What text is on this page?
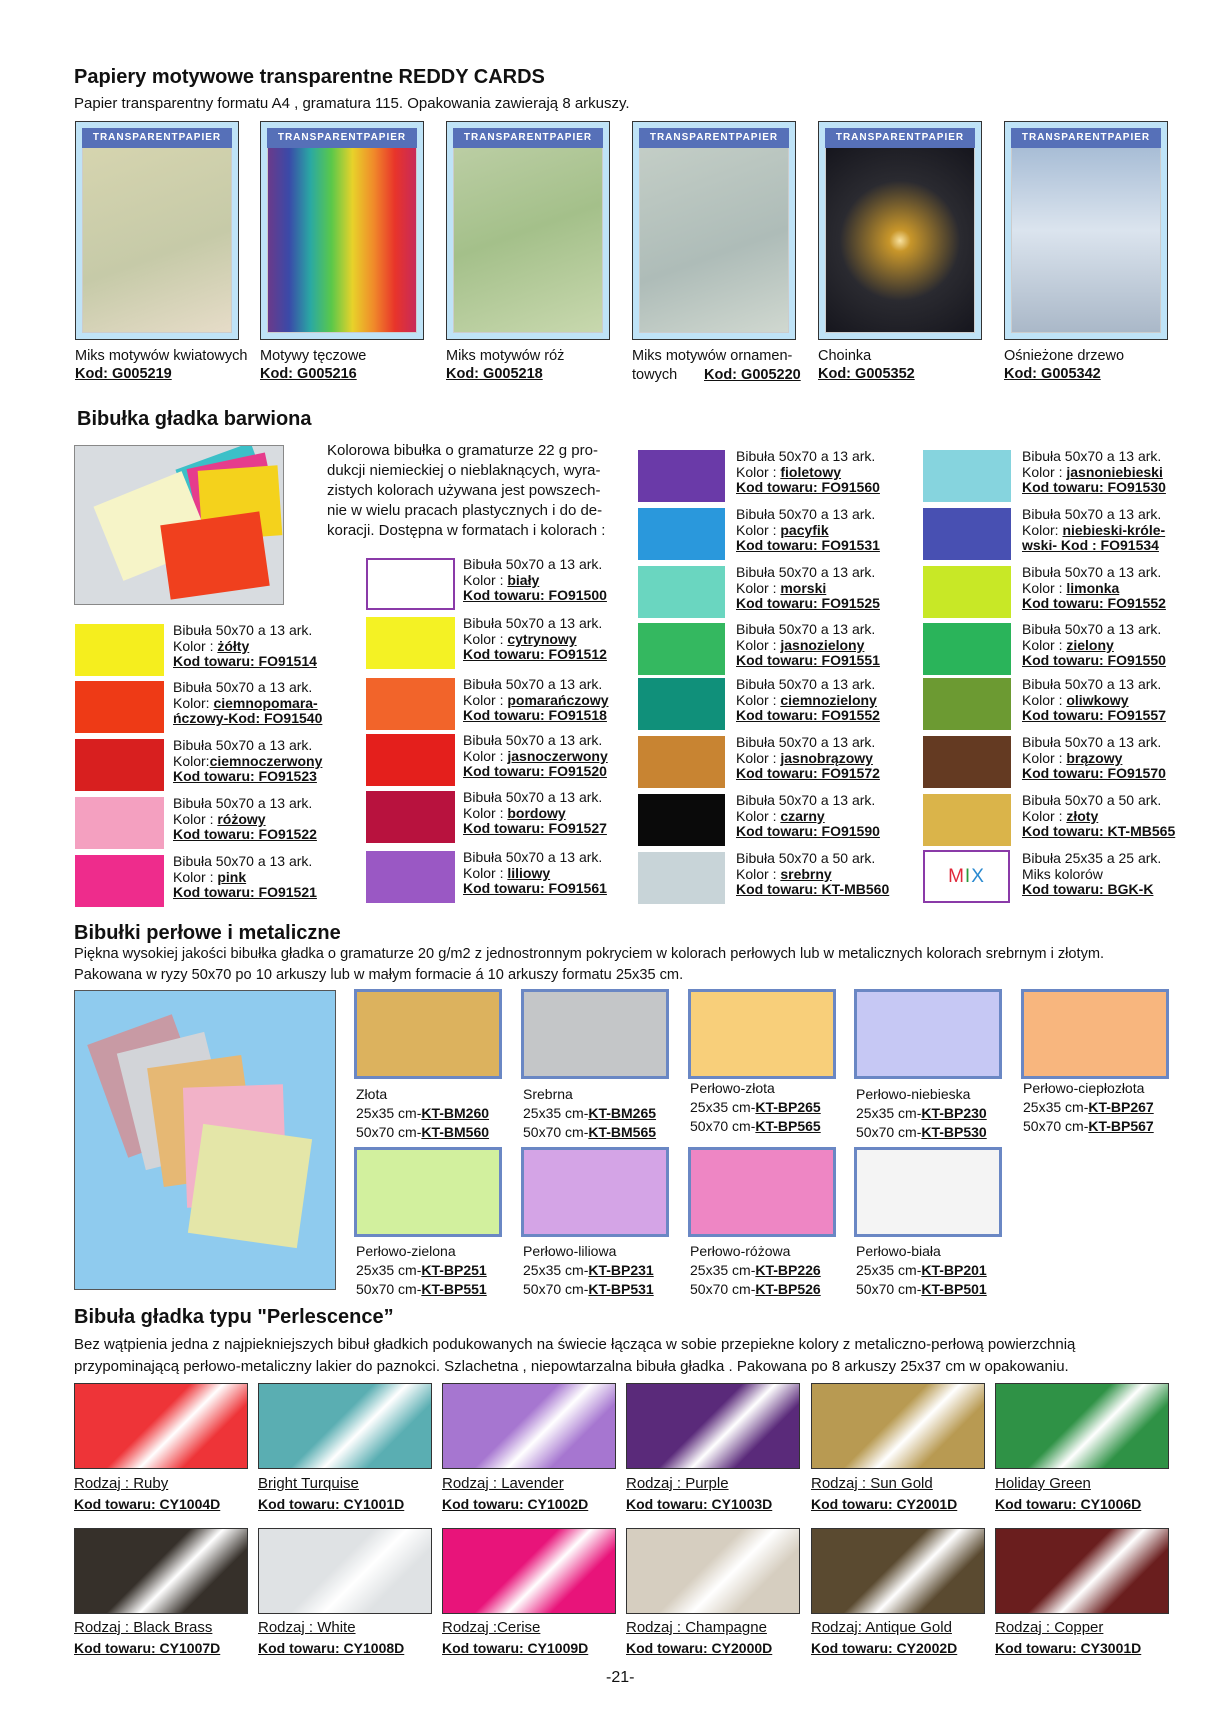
Papiery motywowe transparentne REDDY CARDS
Papier transparentny formatu A4 , gramatura 115. Opakowania zawierają 8 arkuszy.
TRANSPARENTPAPIER
Miks motywów kwiatowych
Kod: G005219
TRANSPARENTPAPIER
Motywy tęczowe
Kod: G005216
TRANSPARENTPAPIER
Miks motywów róż
Kod: G005218
TRANSPARENTPAPIER
Miks motywów ornamen-
towych Kod: G005220
TRANSPARENTPAPIER
Choinka
Kod: G005352
TRANSPARENTPAPIER
Ośnieżone drzewo
Kod: G005342
Bibułka gładka barwiona
Kolorowa bibułka o gramaturze 22 g pro-
dukcji niemieckiej o nieblaknących, wyra-
zistych kolorach używana jest powszech-
nie w wielu pracach plastycznych i do de-
koracji. Dostępna w formatach i kolorach :
Bibuła 50x70 a 13 ark.
Kolor : żółty
Kod towaru: FO91514
Bibuła 50x70 a 13 ark.
Kolor: ciemnopomara-
ńczowy-Kod: FO91540
Bibuła 50x70 a 13 ark.
Kolor:ciemnoczerwony
Kod towaru: FO91523
Bibuła 50x70 a 13 ark.
Kolor : różowy
Kod towaru: FO91522
Bibuła 50x70 a 13 ark.
Kolor : pink
Kod towaru: FO91521
Bibuła 50x70 a 13 ark.
Kolor : biały
Kod towaru: FO91500
Bibuła 50x70 a 13 ark.
Kolor : cytrynowy
Kod towaru: FO91512
Bibuła 50x70 a 13 ark.
Kolor : pomarańczowy
Kod towaru: FO91518
Bibuła 50x70 a 13 ark.
Kolor : jasnoczerwony
Kod towaru: FO91520
Bibuła 50x70 a 13 ark.
Kolor : bordowy
Kod towaru: FO91527
Bibuła 50x70 a 13 ark.
Kolor : liliowy
Kod towaru: FO91561
Bibuła 50x70 a 13 ark.
Kolor : fioletowy
Kod towaru: FO91560
Bibuła 50x70 a 13 ark.
Kolor : pacyfik
Kod towaru: FO91531
Bibuła 50x70 a 13 ark.
Kolor : morski
Kod towaru: FO91525
Bibuła 50x70 a 13 ark.
Kolor : jasnozielony
Kod towaru: FO91551
Bibuła 50x70 a 13 ark.
Kolor : ciemnozielony
Kod towaru: FO91552
Bibuła 50x70 a 13 ark.
Kolor : jasnobrązowy
Kod towaru: FO91572
Bibuła 50x70 a 13 ark.
Kolor : czarny
Kod towaru: FO91590
Bibuła 50x70 a 50 ark.
Kolor : srebrny
Kod towaru: KT-MB560
Bibuła 50x70 a 13 ark.
Kolor : jasnoniebieski
Kod towaru: FO91530
Bibuła 50x70 a 13 ark.
Kolor: niebieski-króle-
wski- Kod : FO91534
Bibuła 50x70 a 13 ark.
Kolor : limonka
Kod towaru: FO91552
Bibuła 50x70 a 13 ark.
Kolor : zielony
Kod towaru: FO91550
Bibuła 50x70 a 13 ark.
Kolor : oliwkowy
Kod towaru: FO91557
Bibuła 50x70 a 13 ark.
Kolor : brązowy
Kod towaru: FO91570
Bibuła 50x70 a 50 ark.
Kolor : złoty
Kod towaru: KT-MB565
Bibuła 25x35 a 25 ark.
Miks kolorów
Kod towaru: BGK-K
MIX
Bibułki perłowe i metaliczne
Piękna wysokiej jakości bibułka gładka o gramaturze 20 g/m2 z jednostronnym pokryciem w kolorach perłowych lub w metalicznych kolorach srebrnym i złotym.
Pakowana w ryzy 50x70 po 10 arkuszy lub w małym formacie á 10 arkuszy formatu 25x35 cm.
Złota
25x35 cm-KT-BM260
50x70 cm-KT-BM560
Srebrna
25x35 cm-KT-BM265
50x70 cm-KT-BM565
Perłowo-złota
25x35 cm-KT-BP265
50x70 cm-KT-BP565
Perłowo-niebieska
25x35 cm-KT-BP230
50x70 cm-KT-BP530
Perłowo-ciepłozłota
25x35 cm-KT-BP267
50x70 cm-KT-BP567
Perłowo-zielona
25x35 cm-KT-BP251
50x70 cm-KT-BP551
Perłowo-liliowa
25x35 cm-KT-BP231
50x70 cm-KT-BP531
Perłowo-różowa
25x35 cm-KT-BP226
50x70 cm-KT-BP526
Perłowo-biała
25x35 cm-KT-BP201
50x70 cm-KT-BP501
Bibuła gładka typu "Perlescence”
Bez wątpienia jedna z najpiekniejszych bibuł gładkich podukowanych na świecie łącząca w sobie przepiekne kolory z metaliczno-perłową powierzchnią
przypominającą perłowo-metaliczny lakier do paznokci. Szlachetna , niepowtarzalna bibuła gładka . Pakowana po 8 arkuszy 25x37 cm w opakowaniu.
Rodzaj : Ruby
Kod towaru: CY1004D
Bright Turquise
Kod towaru: CY1001D
Rodzaj : Lavender
Kod towaru: CY1002D
Rodzaj : Purple
Kod towaru: CY1003D
Rodzaj : Sun Gold
Kod towaru: CY2001D
Holiday Green
Kod towaru: CY1006D
Rodzaj : Black Brass
Kod towaru: CY1007D
Rodzaj : White
Kod towaru: CY1008D
Rodzaj :Cerise
Kod towaru: CY1009D
Rodzaj : Champagne
Kod towaru: CY2000D
Rodzaj: Antique Gold
Kod towaru: CY2002D
Rodzaj : Copper
Kod towaru: CY3001D
-21-
